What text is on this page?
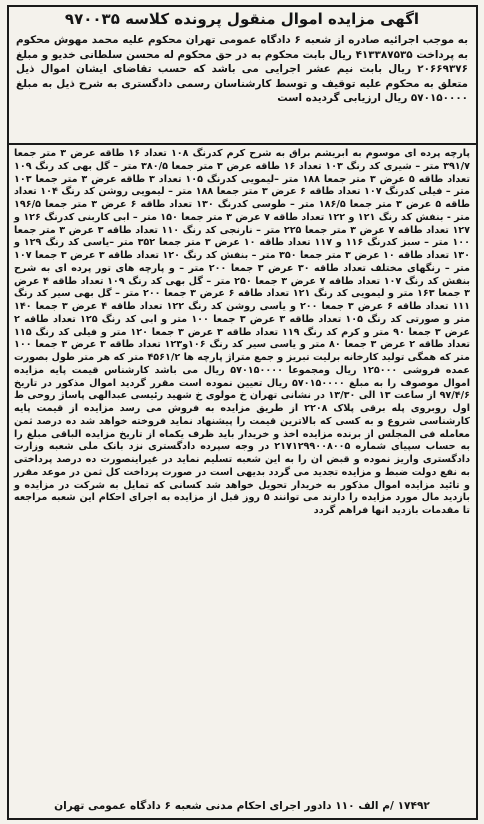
اگهی مزایده اموال منقول پرونده کلاسه ۹۷۰۰۳۵
به موجب اجرائیه صادره از شعبه ۶ دادگاه عمومی تهران محکوم علیه محمد مهوش محکوم به پرداخت ۴۱۳۳۸۷۵۳۵ ریال بابت محکوم به در حق محکوم له محسن سلطانی خدیو و مبلغ ۲۰۶۶۹۳۷۶ ریال بابت نیم عشر اجرایی می باشد که حسب تقاضای ایشان اموال ذیل متعلق به محکوم علیه توقیف و توسط کارشناسان رسمی دادگستری به شرح ذیل به مبلغ ۵۷۰۱۵۰۰۰۰ ریال ارزیابی گردیده است
پارچه پرده ای موسوم به ابریشم براق به شرح کرم کدرنگ ۱۰۸ تعداد ۱۶ طاقه عرض ۳ متر جمعا ۳۹۱/۷ متر – شیری کد رنگ ۱۰۳ تعداد ۱۶ طاقه عرض ۳ متر جمعا ۳۸۰/۵ متر – گل بهی کد رنگ ۱۰۹ تعداد طاقه ۵ عرض ۳ متر جمعا ۱۸۸ متر –لیمویی کدرنگ ۱۰۵ تعداد ۳ طاقه عرض ۳ متر جمعا ۱۰۳ متر – فیلی کدرنگ ۱۰۷ تعداد طاقه ۶ عرض ۳ متر جمعا ۱۸۸ متر – لیمویی روشن کد رنگ ۱۰۴ تعداد طاقه ۵ عرض ۳ متر جمعا ۱۸۶/۵ متر – طوسی کدرنگ ۱۳۰ تعداد طاقه ۶ عرض ۳ متر جمعا ۱۹۶/۵ متر - بنفش کد رنگ ۱۲۱ و ۱۲۲ تعداد طاقه ۷ عرض ۳ متر جمعا ۱۵۰ متر – ابی کاربنی کدرنگ ۱۲۶ و ۱۲۷ تعداد طاقه ۷ عرض ۳ متر جمعا ۲۲۵ متر – نارنجی کد رنگ ۱۱۰ تعداد طاقه ۳ عرض ۳ متر جمعا ۱۰۰ متر – سبز کدرنگ ۱۱۶ و ۱۱۷ تعداد طاقه ۱۰ عرض ۳ متر جمعا ۳۵۲ متر –یاسی کد رنگ ۱۲۹ و ۱۳۰ تعداد طاقه ۱۰ عرض ۳ متر جمعا ۳۵۰ متر – بنفش کد رنگ ۱۲۰ تعداد طاقه ۳ عرض ۳ جمعا ۱۰۷ متر – رنگهای مختلف تعداد طاقه ۳۰ عرض ۳ جمعا ۲۰۰ متر – و پارچه های تور پرده ای به شرح بنفش کد رنگ ۱۰۷ تعداد طاقه ۷ عرض ۳ جمعا ۲۵۰ متر – گل بهی کد رنگ ۱۰۹ تعداد طاقه ۴ عرض ۳ جمعا ۱۶۳ متر و لیمویی کد رنگ ۱۲۱ تعداد طاقه ۶ عرض ۳ جمعا ۲۰۰ متر – گل بهی سیر کد رنگ ۱۱۱ تعداد طاقه ۶ عرض ۳ جمعا ۲۰۰ و یاسی روشن کد رنگ ۱۲۲ تعداد طاقه ۴ عرض ۳ جمعا ۱۴۰ متر و صورتی کد رنگ ۱۰۵ تعداد طاقه ۳ عرض ۳ جمعا ۱۰۰ متر و ابی کد رنگ ۱۲۵ تعداد طاقه ۲ عرض ۳ جمعا ۹۰ متر و کرم کد رنگ ۱۱۹ تعداد طاقه ۳ عرض ۳ جمعا ۱۲۰ متر و فیلی کد رنگ ۱۱۵ تعداد طاقه ۲ عرض ۳ جمعا ۸۰ متر و یاسی سیر کد رنگ ۱۰۶و۱۲۳ تعداد طاقه ۳ عرض ۳ جمعا ۱۰۰ متر که همگی تولید کارخانه برلیت تبریز و جمع متراژ پارچه ها ۴۵۶۱/۲ متر که هر متر طول بصورت عمده فروشی ۱۲۵۰۰۰ ریال ومجموعا ۵۷۰۱۵۰۰۰۰ ریال می باشد کارشناس قیمت پایه مزایده اموال موصوف را به مبلغ ۵۷۰۱۵۰۰۰۰ ریال تعیین نموده است مقرر گردید اموال مذکور در تاریخ ۹۷/۴/۶ از ساعت ۱۳ الی ۱۳/۳۰ در نشانی تهران خ مولوی خ شهید رئیسی عبدالهی پاساژ روحی ط اول روبروی پله برقی پلاک ۲۲۰۸ از طریق مزایده به فروش می رسد مزایده از قیمت پایه کارشناسی شروع و به کسی که بالاترین قیمت را پیشنهاد نماید فروخته خواهد شد ده درصد ثمن معامله فی المجلس از برنده مزایده اخذ و خریدار باید ظرف یکماه از تاریخ مزایده الباقی مبلغ را به حساب سپیای شماره ۲۱۷۱۲۹۹۰۰۸۰۰۵ در وجه سپرده دادگستری نزد بانک ملی شعبه وزارت دادگستری واریز نموده و قبض ان را به این شعبه تسلیم نماید در غیراینصورت ده درصد پرداختی به نفع دولت ضبط و مزایده تجدید می گردد بدیهی است در صورت پرداخت کل ثمن در موعد مقرر و تائید مزایده اموال مذکور به خریدار تحویل خواهد شد کسانی که تمایل به شرکت در مزایده و بازدید مال مورد مزایده را دارند می توانند ۵ روز قبل از مزایده به اجرای احکام این شعبه مراجعه تا مقدمات بازدید انها فراهم گردد
۱۷۴۹۲ /م الف ۱۱۰ دادور اجرای احکام مدنی شعبه ۶ دادگاه عمومی تهران
